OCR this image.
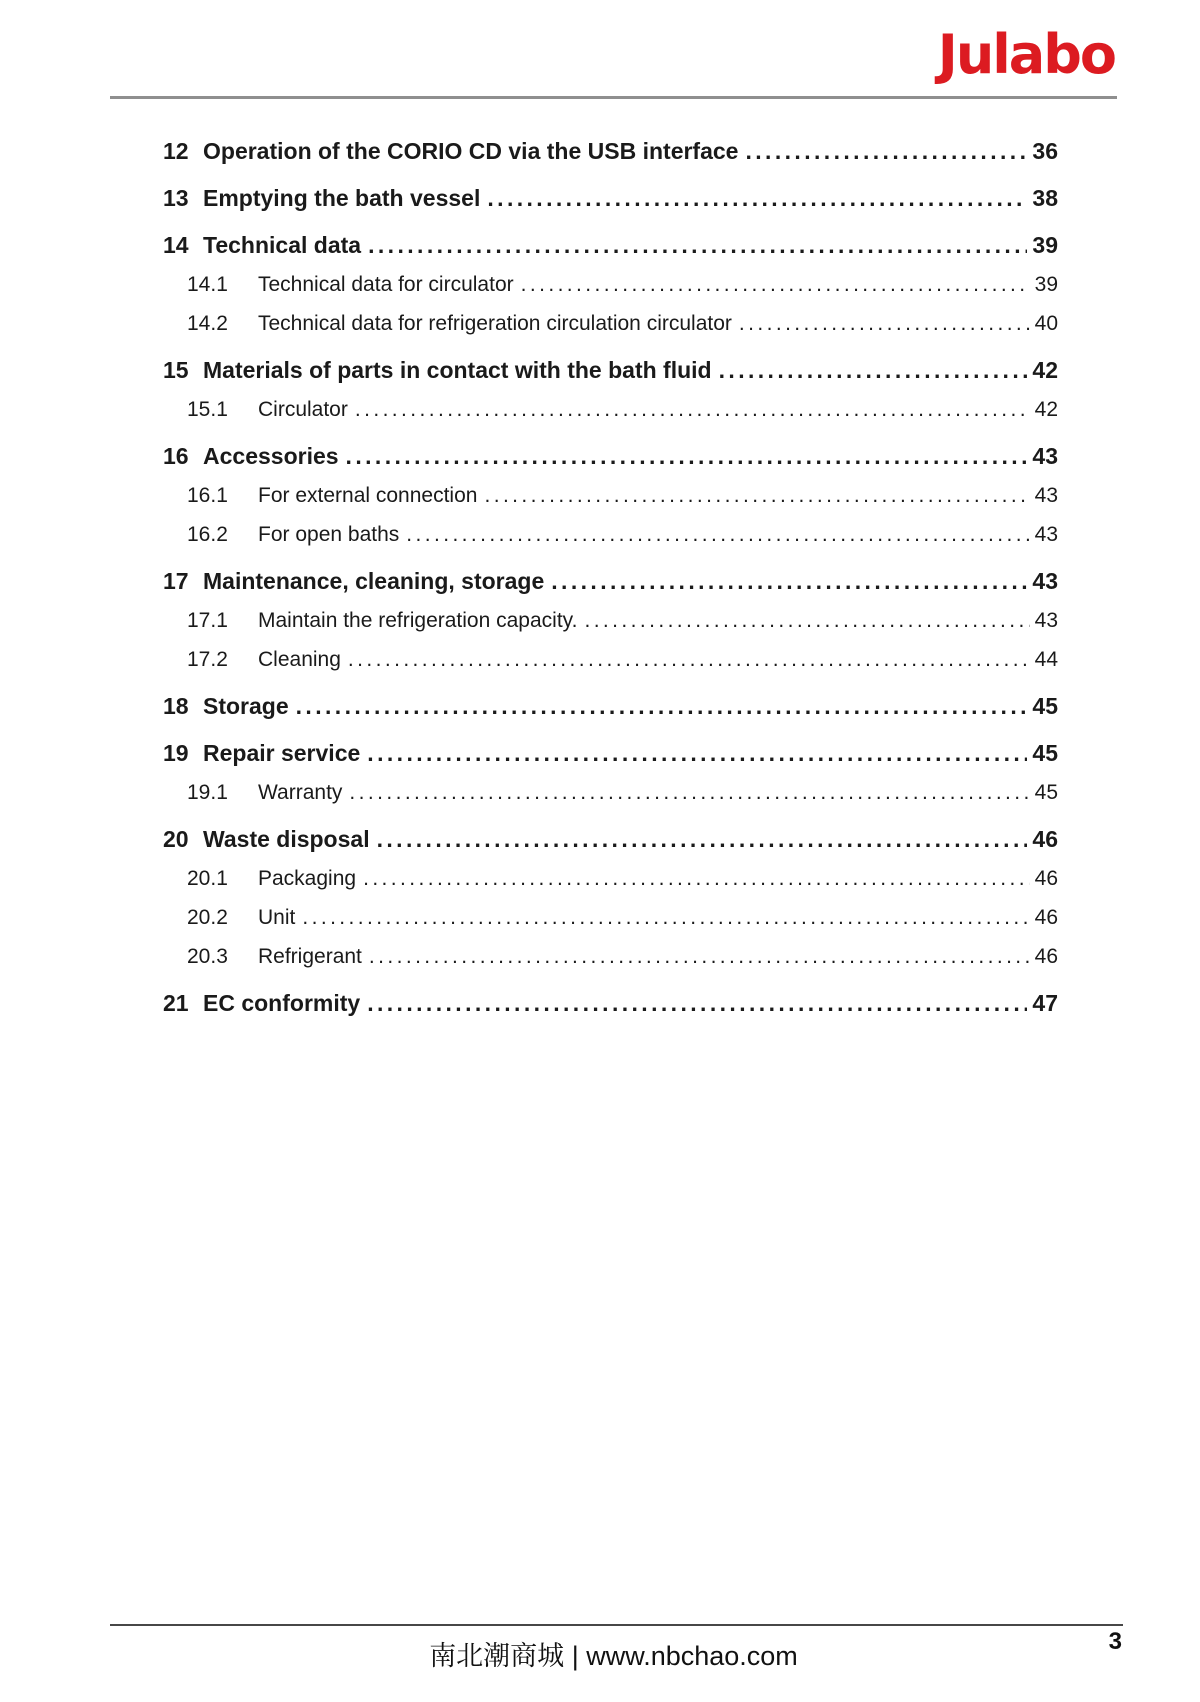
Julabo
12 Operation of the CORIO CD via the USB interface .....	36
13 Emptying the bath vessel .....	38
14 Technical data .....	39
14.1	Technical data for circulator .....	39
14.2	Technical data for refrigeration circulation circulator .....	40
15 Materials of parts in contact with the bath fluid .....	42
15.1	Circulator .....	42
16 Accessories .....	43
16.1	For external connection .....	43
16.2	For open baths .....	43
17 Maintenance, cleaning, storage .....	43
17.1	Maintain the refrigeration capacity. .....	43
17.2	Cleaning .....	44
18 Storage .....	45
19 Repair service .....	45
19.1	Warranty .....	45
20 Waste disposal .....	46
20.1	Packaging .....	46
20.2	Unit .....	46
20.3	Refrigerant .....	46
21 EC conformity .....	47
南北潮商城 | www.nbchao.com	3
